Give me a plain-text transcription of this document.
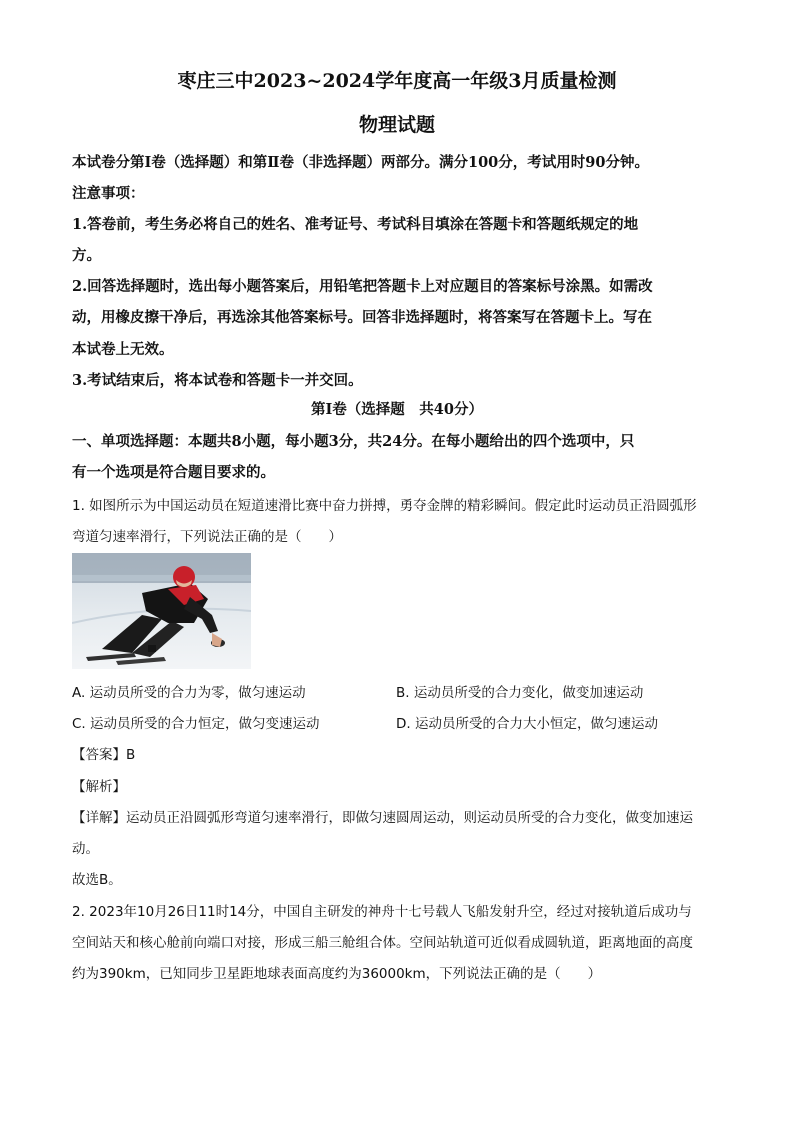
枣庄三中2023~2024学年度高一年级3月质量检测
物理试题
本试卷分第Ⅰ卷（选择题）和第Ⅱ卷（非选择题）两部分。满分100分，考试用时90分钟。
注意事项：
1.答卷前，考生务必将自己的姓名、准考证号、考试科目填涂在答题卡和答题纸规定的地
方。
2.回答选择题时，选出每小题答案后，用铅笔把答题卡上对应题目的答案标号涂黑。如需改
动，用橡皮擦干净后，再选涂其他答案标号。回答非选择题时，将答案写在答题卡上。写在
本试卷上无效。
3.考试结束后，将本试卷和答题卡一并交回。
第Ⅰ卷（选择题　共40分）
一、单项选择题：本题共8小题，每小题3分，共24分。在每小题给出的四个选项中，只
有一个选项是符合题目要求的。
1. 如图所示为中国运动员在短道速滑比赛中奋力拼搏，勇夺金牌的精彩瞬间。假定此时运动员正沿圆弧形
弯道匀速率滑行，下列说法正确的是（　　）
A. 运动员所受的合力为零，做匀速运动	B. 运动员所受的合力变化，做变加速运动
C. 运动员所受的合力恒定，做匀变速运动	D. 运动员所受的合力大小恒定，做匀速运动
【答案】B
【解析】
【详解】运动员正沿圆弧形弯道匀速率滑行，即做匀速圆周运动，则运动员所受的合力变化，做变加速运
动。
故选B。
2. 2023年10月26日11时14分，中国自主研发的神舟十七号载人飞船发射升空，经过对接轨道后成功与
空间站天和核心舱前向端口对接，形成三船三舱组合体。空间站轨道可近似看成圆轨道，距离地面的高度
约为390km，已知同步卫星距地球表面高度约为36000km，下列说法正确的是（　　）
